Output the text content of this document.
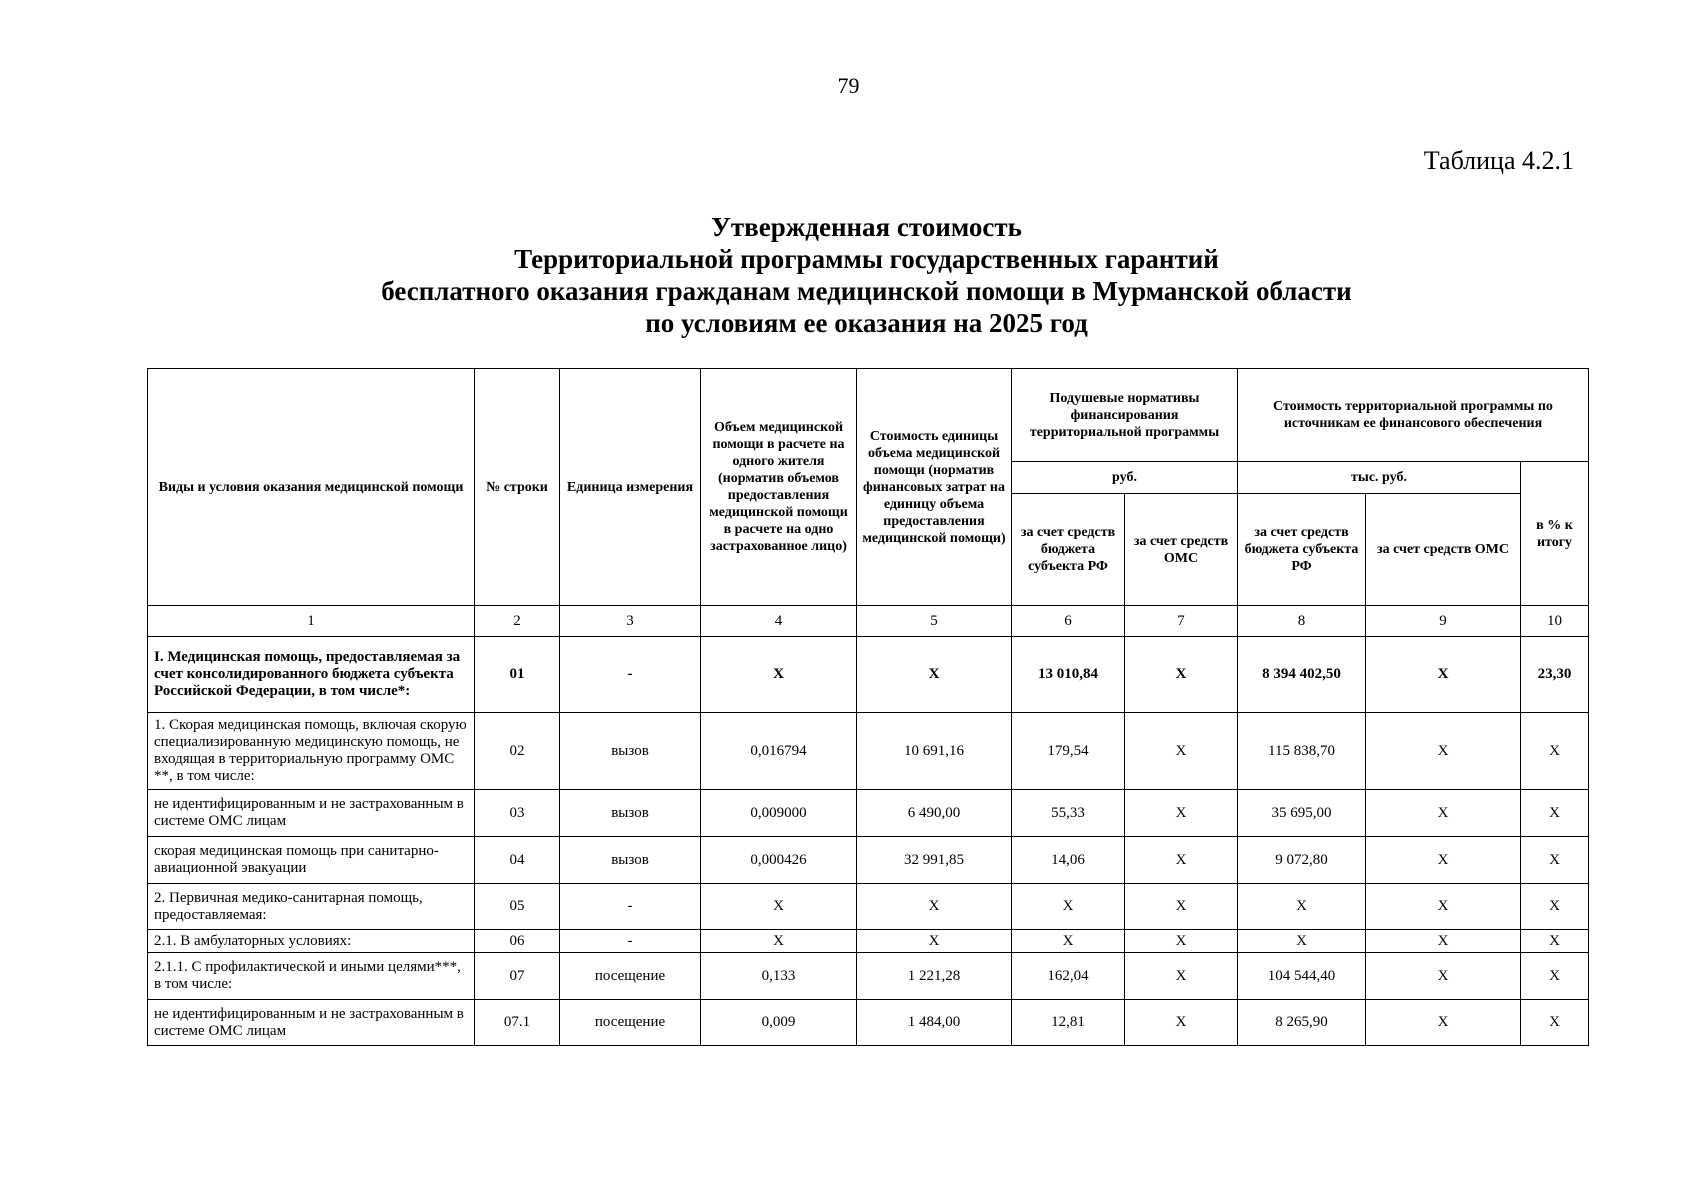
79
Таблица 4.2.1
Утвержденная стоимость
Территориальной программы государственных гарантий
бесплатного оказания гражданам медицинской помощи в Мурманской области
по условиям ее оказания на 2025 год
Виды и условия оказания медицинской помощи	№ строки	Единица измерения	Объем медицинской помощи в расчете на одного жителя (норматив объемов предоставления медицинской помощи в расчете на одно застрахованное лицо)	Стоимость единицы объема медицинской помощи (норматив финансовых затрат на единицу объема предоставления медицинской помощи)	Подушевые нормативы финансирования территориальной программы		Стоимость территориальной программы по источникам ее финансового обеспечения		
					руб.		тыс. руб.		в % к итогу
					за счет средств бюджета субъекта РФ	за счет средств ОМС	за счет средств бюджета субъекта РФ	за счет средств ОМС	
1	2	3	4	5	6	7	8	9	10
I. Медицинская помощь, предоставляемая за счет консолидированного бюджета субъекта Российской Федерации, в том числе*:	01	-	X	X	13 010,84	X	8 394 402,50	X	23,30
1. Скорая медицинская помощь, включая скорую специализированную медицинскую помощь, не входящая в территориальную программу ОМС **, в том числе:	02	вызов	0,016794	10 691,16	179,54	X	115 838,70	X	X
не идентифицированным и не застрахованным в системе ОМС лицам	03	вызов	0,009000	6 490,00	55,33	X	35 695,00	X	X
скорая медицинская помощь при санитарно-авиационной эвакуации	04	вызов	0,000426	32 991,85	14,06	X	9 072,80	X	X
2. Первичная медико-санитарная помощь, предоставляемая:	05	-	X	X	X	X	X	X	X
2.1. В амбулаторных условиях:	06	-	X	X	X	X	X	X	X
2.1.1. С профилактической и иными целями***, в том числе:	07	посещение	0,133	1 221,28	162,04	X	104 544,40	X	X
не идентифицированным и не застрахованным в системе ОМС лицам	07.1	посещение	0,009	1 484,00	12,81	X	8 265,90	X	X
